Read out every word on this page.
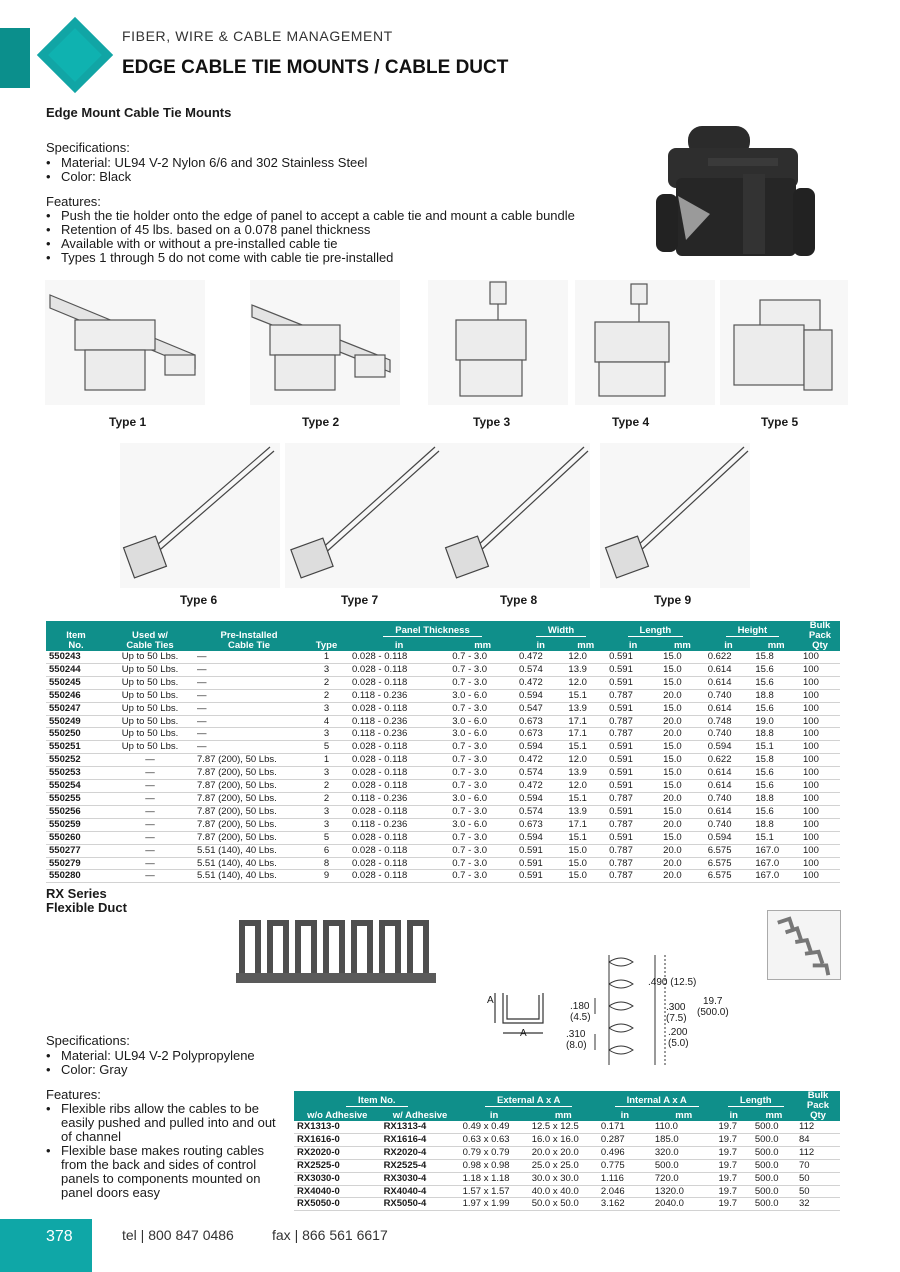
FIBER, WIRE & CABLE MANAGEMENT
EDGE CABLE TIE MOUNTS / CABLE DUCT
Edge Mount Cable Tie Mounts
Specifications:
• Material: UL94 V-2 Nylon 6/6 and 302 Stainless Steel
• Color: Black
Features:
• Push the tie holder onto the edge of panel to accept a cable tie and mount a cable bundle
• Retention of 45 lbs. based on a 0.078 panel thickness
• Available with or without a pre-installed cable tie
• Types 1 through 5 do not come with cable tie pre-installed
Type 1	Type 2	Type 3	Type 4	Type 5
Type 6	Type 7	Type 8	Type 9
Item
No.	Used w/
Cable Ties	Pre-Installed
Cable Tie	Type	Panel Thickness		Width		Length		Height		Bulk
Pack
Qty
				in	mm	in	mm	in	mm	in	mm	
550243	Up to 50 Lbs.	—	1	0.028 - 0.118	0.7 - 3.0	0.472	12.0	0.591	15.0	0.622	15.8	100
550244	Up to 50 Lbs.	—	3	0.028 - 0.118	0.7 - 3.0	0.574	13.9	0.591	15.0	0.614	15.6	100
550245	Up to 50 Lbs.	—	2	0.028 - 0.118	0.7 - 3.0	0.472	12.0	0.591	15.0	0.614	15.6	100
550246	Up to 50 Lbs.	—	2	0.118 - 0.236	3.0 - 6.0	0.594	15.1	0.787	20.0	0.740	18.8	100
550247	Up to 50 Lbs.	—	3	0.028 - 0.118	0.7 - 3.0	0.547	13.9	0.591	15.0	0.614	15.6	100
550249	Up to 50 Lbs.	—	4	0.118 - 0.236	3.0 - 6.0	0.673	17.1	0.787	20.0	0.748	19.0	100
550250	Up to 50 Lbs.	—	3	0.118 - 0.236	3.0 - 6.0	0.673	17.1	0.787	20.0	0.740	18.8	100
550251	Up to 50 Lbs.	—	5	0.028 - 0.118	0.7 - 3.0	0.594	15.1	0.591	15.0	0.594	15.1	100
550252	—	7.87 (200), 50 Lbs.	1	0.028 - 0.118	0.7 - 3.0	0.472	12.0	0.591	15.0	0.622	15.8	100
550253	—	7.87 (200), 50 Lbs.	3	0.028 - 0.118	0.7 - 3.0	0.574	13.9	0.591	15.0	0.614	15.6	100
550254	—	7.87 (200), 50 Lbs.	2	0.028 - 0.118	0.7 - 3.0	0.472	12.0	0.591	15.0	0.614	15.6	100
550255	—	7.87 (200), 50 Lbs.	2	0.118 - 0.236	3.0 - 6.0	0.594	15.1	0.787	20.0	0.740	18.8	100
550256	—	7.87 (200), 50 Lbs.	3	0.028 - 0.118	0.7 - 3.0	0.574	13.9	0.591	15.0	0.614	15.6	100
550259	—	7.87 (200), 50 Lbs.	3	0.118 - 0.236	3.0 - 6.0	0.673	17.1	0.787	20.0	0.740	18.8	100
550260	—	7.87 (200), 50 Lbs.	5	0.028 - 0.118	0.7 - 3.0	0.594	15.1	0.591	15.0	0.594	15.1	100
550277	—	5.51 (140), 40 Lbs.	6	0.028 - 0.118	0.7 - 3.0	0.591	15.0	0.787	20.0	6.575	167.0	100
550279	—	5.51 (140), 40 Lbs.	8	0.028 - 0.118	0.7 - 3.0	0.591	15.0	0.787	20.0	6.575	167.0	100
550280	—	5.51 (140), 40 Lbs.	9	0.028 - 0.118	0.7 - 3.0	0.591	15.0	0.787	20.0	6.575	167.0	100
RX Series
Flexible Duct
A
A
.490 (12.5)
19.7
(500.0)
.180
(4.5)
.300
(7.5)
.310
(8.0)
.200
(5.0)
Specifications:
• Material: UL94 V-2 Polypropylene
• Color: Gray
Features:
• Flexible ribs allow the cables to be easily pushed and pulled into and out of channel
• Flexible base makes routing cables from the back and sides of control panels to components mounted on panel doors easy
Item No.		External A x A		Internal A x A		Length		Bulk
Pack
Qty
w/o Adhesive	w/ Adhesive	in	mm	in	mm	in	mm	
RX1313-0	RX1313-4	0.49 x 0.49	12.5 x 12.5	0.171	110.0	19.7	500.0	112
RX1616-0	RX1616-4	0.63 x 0.63	16.0 x 16.0	0.287	185.0	19.7	500.0	84
RX2020-0	RX2020-4	0.79 x 0.79	20.0 x 20.0	0.496	320.0	19.7	500.0	112
RX2525-0	RX2525-4	0.98 x 0.98	25.0 x 25.0	0.775	500.0	19.7	500.0	70
RX3030-0	RX3030-4	1.18 x 1.18	30.0 x 30.0	1.116	720.0	19.7	500.0	50
RX4040-0	RX4040-4	1.57 x 1.57	40.0 x 40.0	2.046	1320.0	19.7	500.0	50
RX5050-0	RX5050-4	1.97 x 1.99	50.0 x 50.0	3.162	2040.0	19.7	500.0	32
378	tel | 800 847 0486	fax | 866 561 6617
